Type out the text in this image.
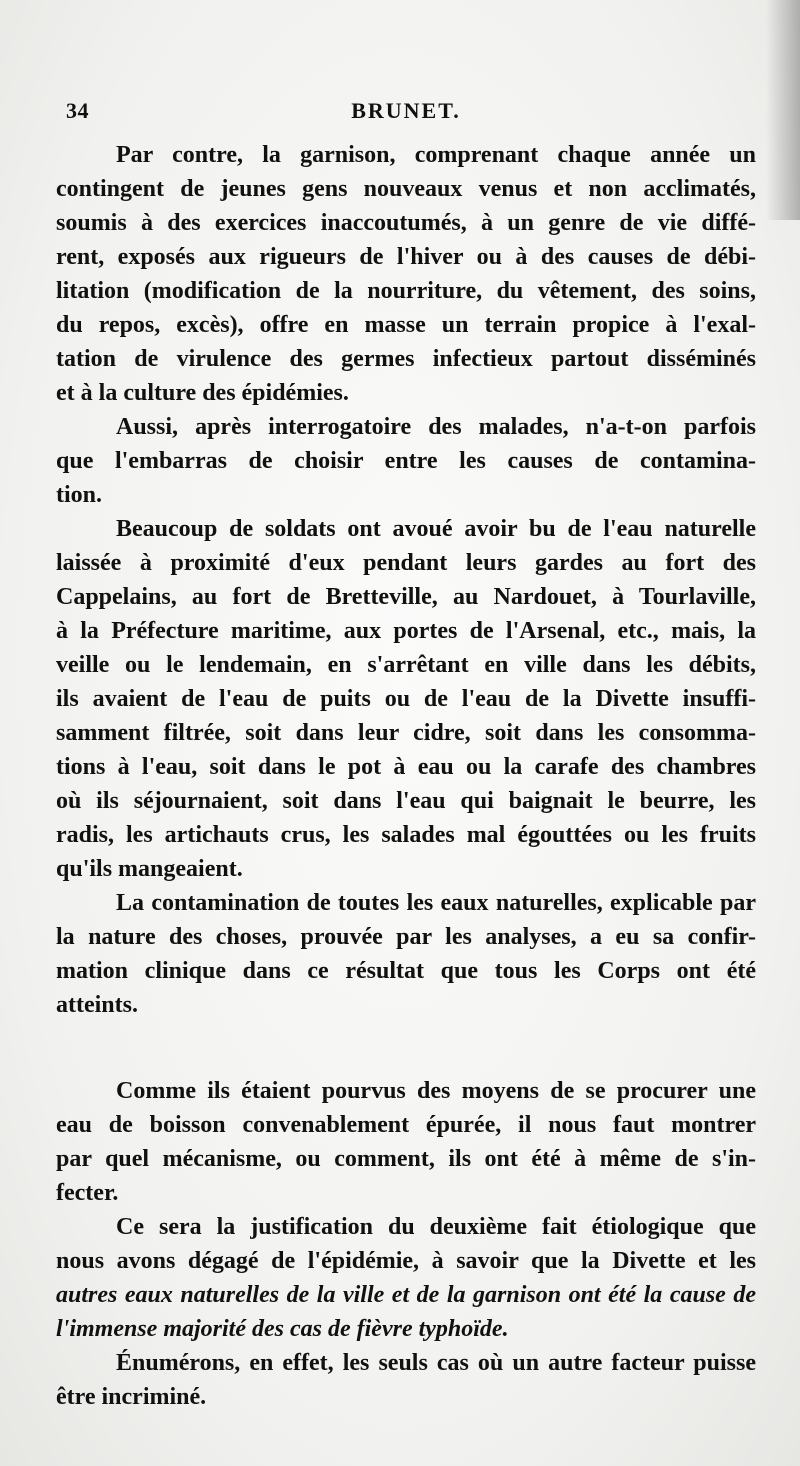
34	BRUNET.
Par contre, la garnison, comprenant chaque année un
contingent de jeunes gens nouveaux venus et non acclimatés,
soumis à des exercices inaccoutumés, à un genre de vie diffé-
rent, exposés aux rigueurs de l'hiver ou à des causes de débi-
litation (modification de la nourriture, du vêtement, des soins,
du repos, excès), offre en masse un terrain propice à l'exal-
tation de virulence des germes infectieux partout disséminés
et à la culture des épidémies.
Aussi, après interrogatoire des malades, n'a-t-on parfois
que l'embarras de choisir entre les causes de contamina-
tion.
Beaucoup de soldats ont avoué avoir bu de l'eau naturelle
laissée à proximité d'eux pendant leurs gardes au fort des
Cappelains, au fort de Bretteville, au Nardouet, à Tourlaville,
à la Préfecture maritime, aux portes de l'Arsenal, etc., mais, la
veille ou le lendemain, en s'arrêtant en ville dans les débits,
ils avaient de l'eau de puits ou de l'eau de la Divette insuffi-
samment filtrée, soit dans leur cidre, soit dans les consomma-
tions à l'eau, soit dans le pot à eau ou la carafe des chambres
où ils séjournaient, soit dans l'eau qui baignait le beurre, les
radis, les artichauts crus, les salades mal égouttées ou les fruits
qu'ils mangeaient.
La contamination de toutes les eaux naturelles, explicable par
la nature des choses, prouvée par les analyses, a eu sa confir-
mation clinique dans ce résultat que tous les Corps ont été
atteints.
Comme ils étaient pourvus des moyens de se procurer une
eau de boisson convenablement épurée, il nous faut montrer
par quel mécanisme, ou comment, ils ont été à même de s'in-
fecter.
Ce sera la justification du deuxième fait étiologique que
nous avons dégagé de l'épidémie, à savoir que la Divette et les
autres eaux naturelles de la ville et de la garnison ont été la cause de
l'immense majorité des cas de fièvre typhoïde.
Énumérons, en effet, les seuls cas où un autre facteur puisse
être incriminé.
